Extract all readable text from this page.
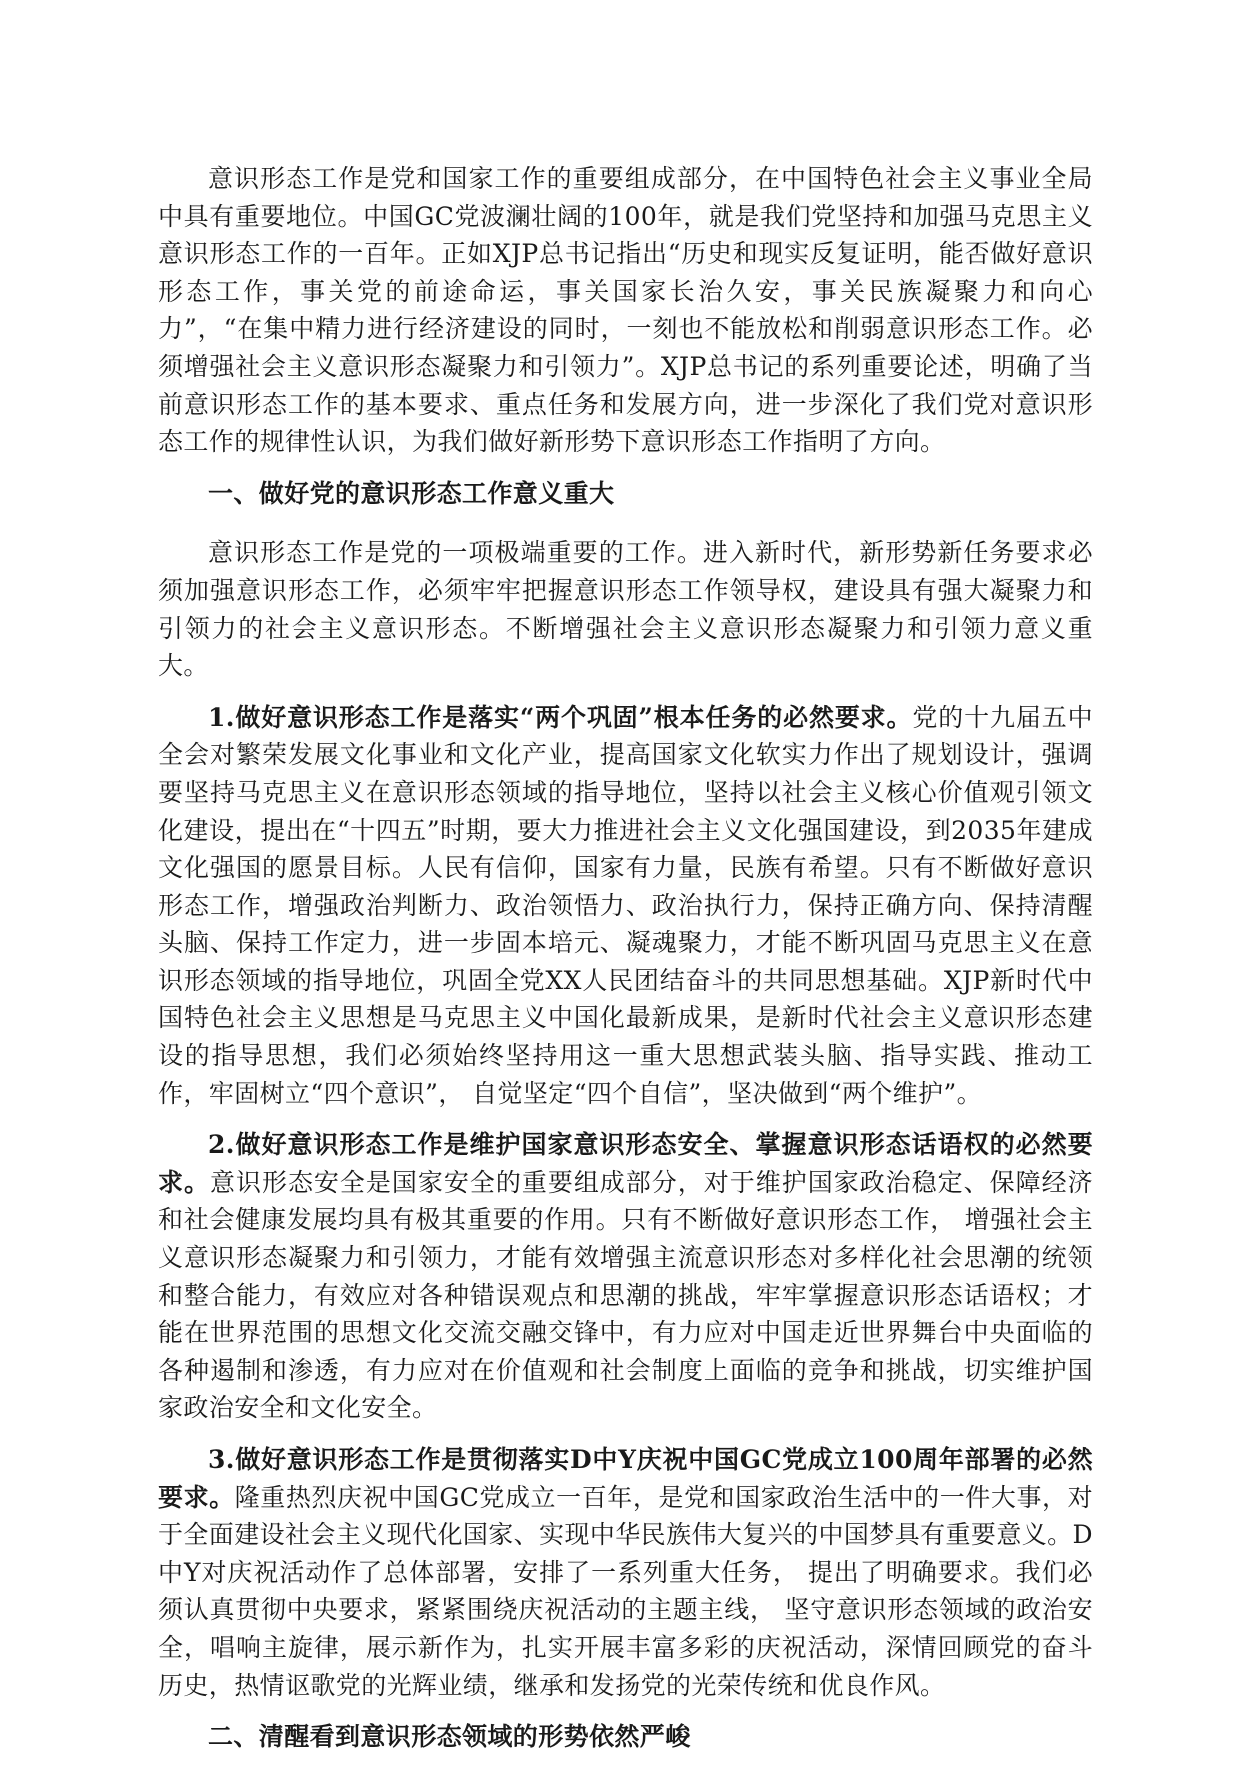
意识形态工作是党和国家工作的重要组成部分，在中国特色社会主义事业全局中具有重要地位。中国GC党波澜壮阔的100年，就是我们党坚持和加强马克思主义意识形态工作的一百年。正如XJP总书记指出“历史和现实反复证明，能否做好意识形态工作，事关党的前途命运，事关国家长治久安，事关民族凝聚力和向心力”，“在集中精力进行经济建设的同时，一刻也不能放松和削弱意识形态工作。必须增强社会主义意识形态凝聚力和引领力”。XJP总书记的系列重要论述，明确了当前意识形态工作的基本要求、重点任务和发展方向，进一步深化了我们党对意识形态工作的规律性认识，为我们做好新形势下意识形态工作指明了方向。

一、做好党的意识形态工作意义重大

意识形态工作是党的一项极端重要的工作。进入新时代，新形势新任务要求必须加强意识形态工作，必须牢牢把握意识形态工作领导权，建设具有强大凝聚力和引领力的社会主义意识形态。不断增强社会主义意识形态凝聚力和引领力意义重大。

1.做好意识形态工作是落实“两个巩固”根本任务的必然要求。党的十九届五中全会对繁荣发展文化事业和文化产业，提高国家文化软实力作出了规划设计，强调要坚持马克思主义在意识形态领域的指导地位，坚持以社会主义核心价值观引领文化建设，提出在“十四五”时期，要大力推进社会主义文化强国建设，到2035年建成文化强国的愿景目标。人民有信仰，国家有力量，民族有希望。只有不断做好意识形态工作，增强政治判断力、政治领悟力、政治执行力，保持正确方向、保持清醒头脑、保持工作定力，进一步固本培元、凝魂聚力，才能不断巩固马克思主义在意识形态领域的指导地位，巩固全党XX人民团结奋斗的共同思想基础。XJP新时代中国特色社会主义思想是马克思主义中国化最新成果，是新时代社会主义意识形态建设的指导思想，我们必须始终坚持用这一重大思想武装头脑、指导实践、推动工作，牢固树立“四个意识”， 自觉坚定“四个自信”，坚决做到“两个维护”。

2.做好意识形态工作是维护国家意识形态安全、掌握意识形态话语权的必然要求。意识形态安全是国家安全的重要组成部分，对于维护国家政治稳定、保障经济和社会健康发展均具有极其重要的作用。只有不断做好意识形态工作， 增强社会主义意识形态凝聚力和引领力，才能有效增强主流意识形态对多样化社会思潮的统领和整合能力，有效应对各种错误观点和思潮的挑战，牢牢掌握意识形态话语权；才能在世界范围的思想文化交流交融交锋中，有力应对中国走近世界舞台中央面临的各种遏制和渗透，有力应对在价值观和社会制度上面临的竞争和挑战，切实维护国家政治安全和文化安全。

3.做好意识形态工作是贯彻落实D中Y庆祝中国GC党成立100周年部署的必然要求。隆重热烈庆祝中国GC党成立一百年，是党和国家政治生活中的一件大事，对于全面建设社会主义现代化国家、实现中华民族伟大复兴的中国梦具有重要意义。D中Y对庆祝活动作了总体部署，安排了一系列重大任务， 提出了明确要求。我们必须认真贯彻中央要求，紧紧围绕庆祝活动的主题主线， 坚守意识形态领域的政治安全，唱响主旋律，展示新作为，扎实开展丰富多彩的庆祝活动，深情回顾党的奋斗历史，热情讴歌党的光辉业绩，继承和发扬党的光荣传统和优良作风。

二、清醒看到意识形态领域的形势依然严峻
